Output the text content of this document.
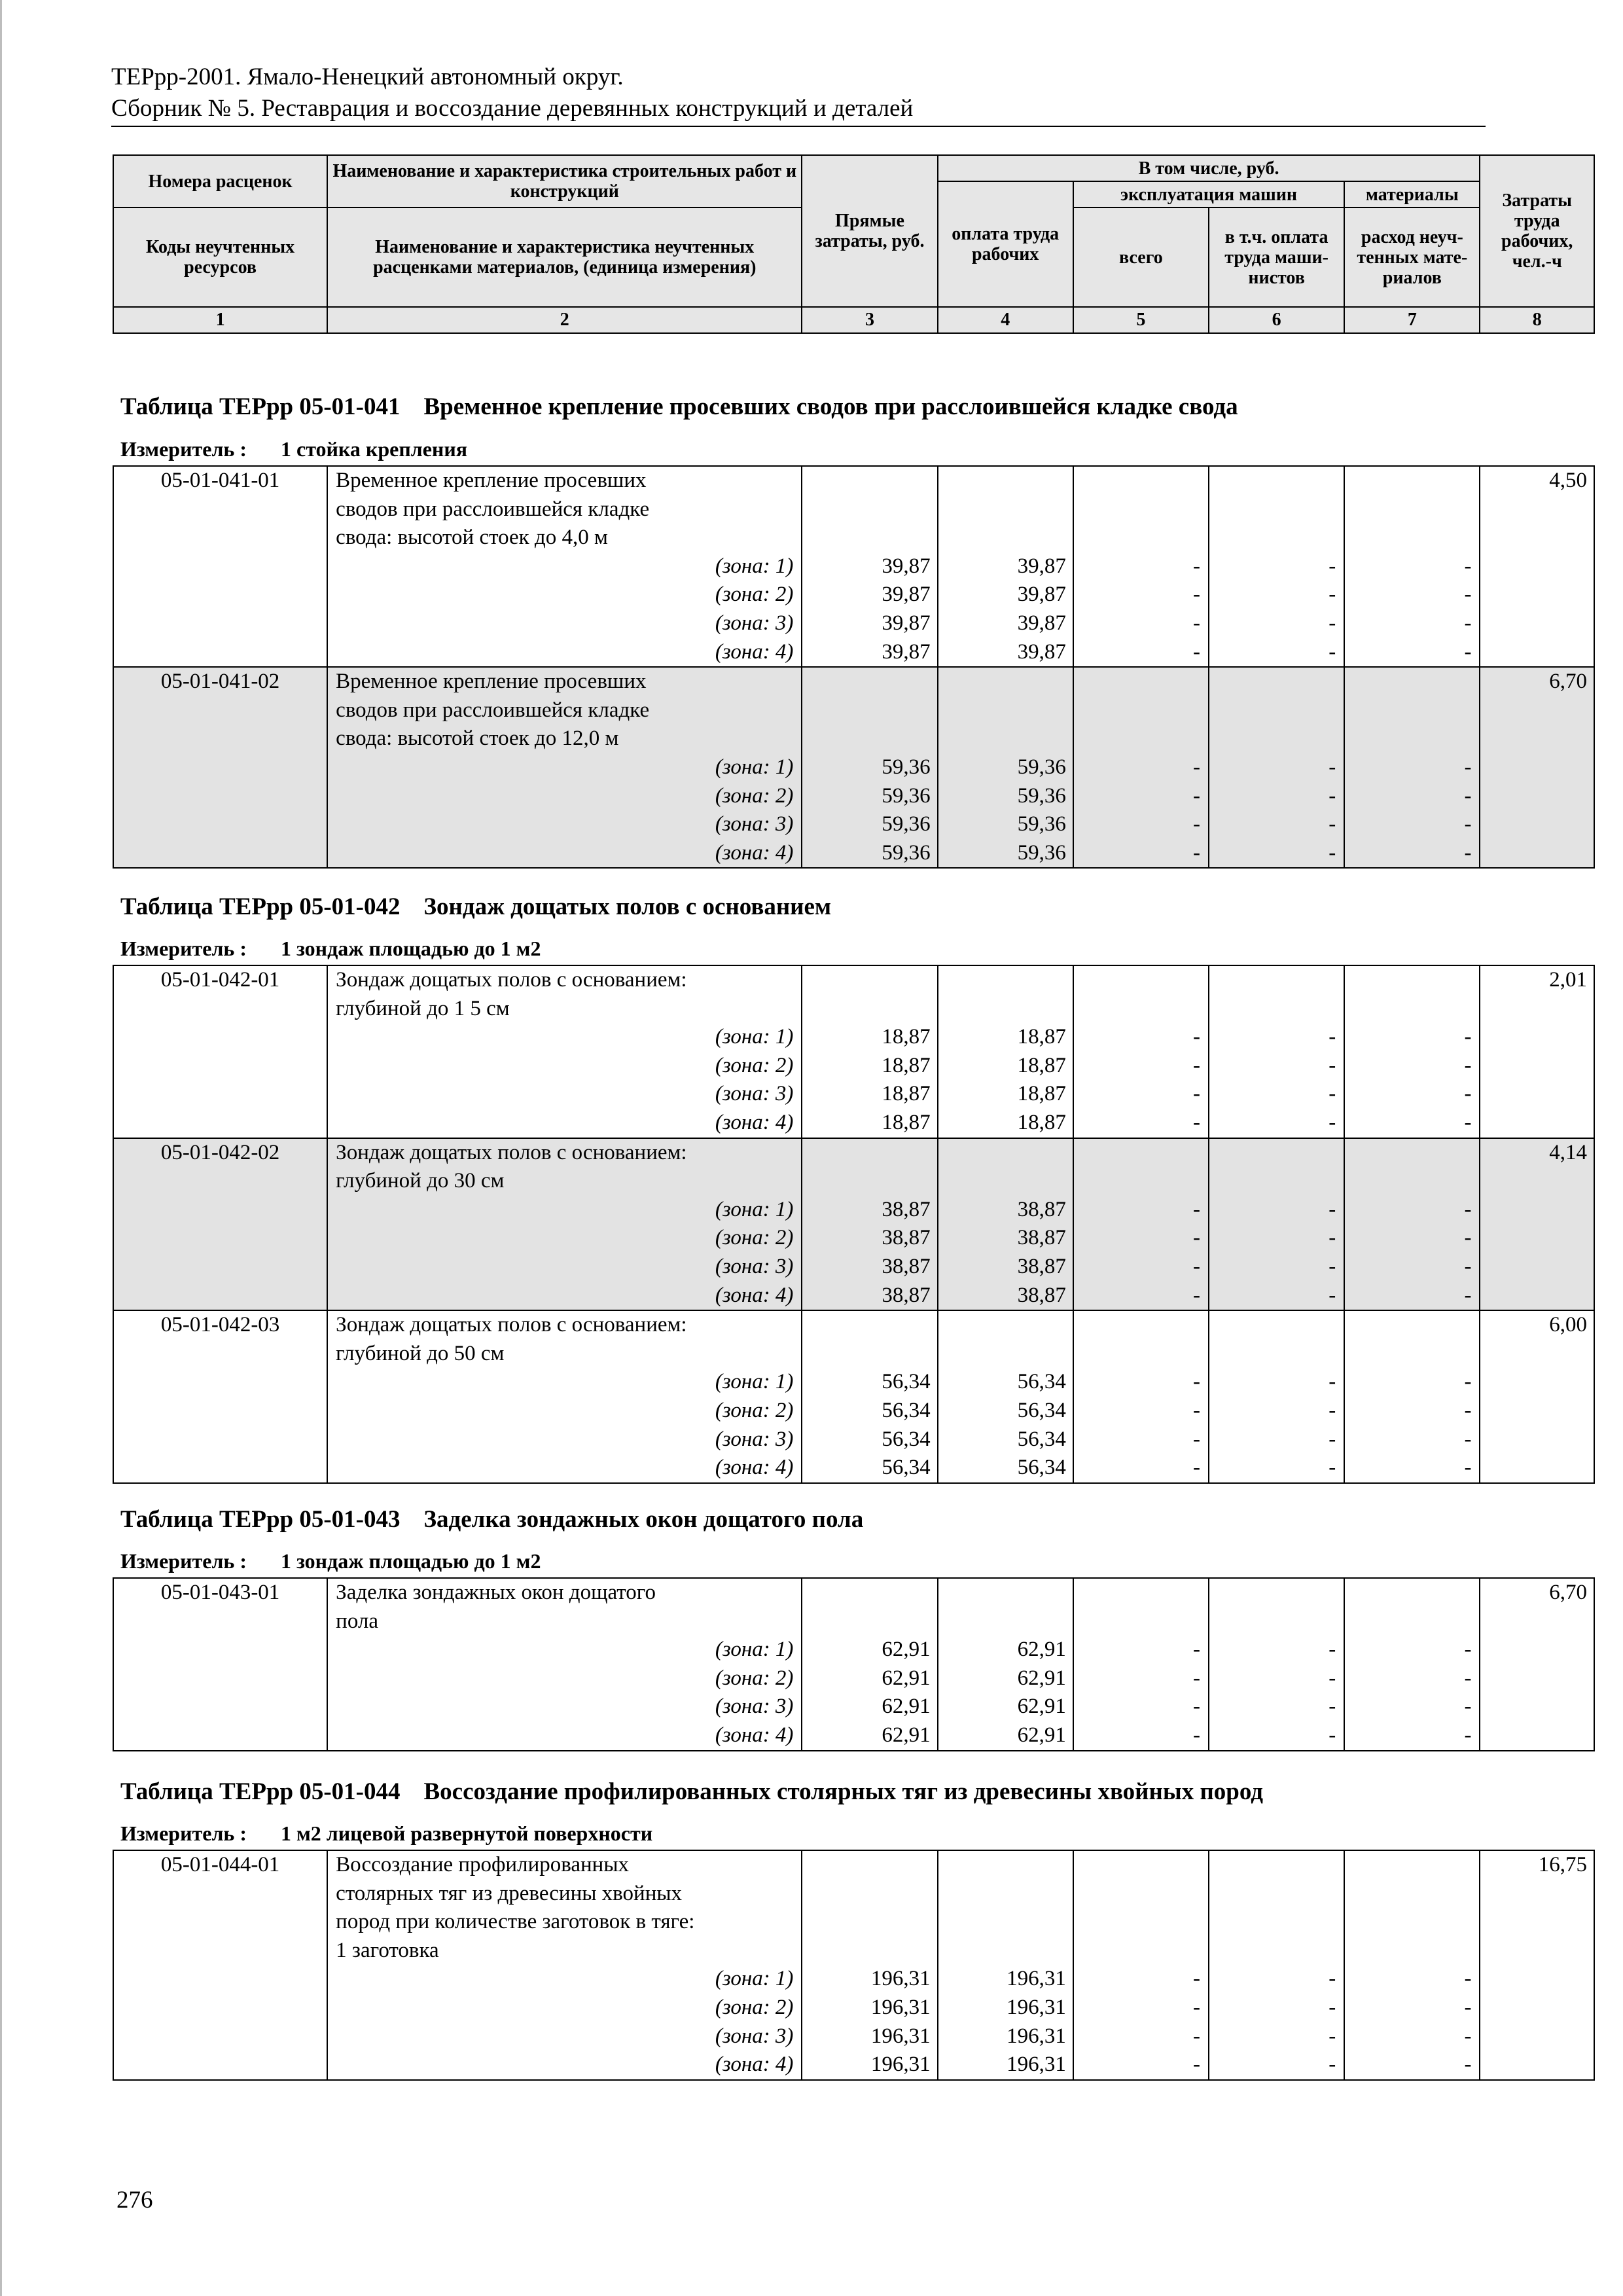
ТЕРрр-2001. Ямало-Ненецкий автономный округ.
Сборник № 5. Реставрация и воссоздание деревянных конструкций и деталей
Номера расценок	Наименование и характеристика строительных работ и конструкций	Прямые затраты, руб.	В том числе, руб.				Затраты труда рабочих, чел.-ч
			оплата труда рабочих	эксплуатация машин		материалы	
Коды неучтенных ресурсов	Наименование и характеристика неучтенных расценками материалов, (единица измерения)			всего	в т.ч. оплата труда маши-нистов	расход неуч-тенных мате-риалов	

1	2	3	4	5	6	7	8
Таблица ТЕРрр 05-01-041 Временное крепление просевших сводов при расслоившейся кладке свода
Измеритель : 1 стойка крепления
05-01-041-01	Временное крепление просевших						4,50
	сводов при расслоившейся кладке						
	свода: высотой стоек до 4,0 м						
	(зона: 1)	39,87	39,87	-	-	-	
	(зона: 2)	39,87	39,87	-	-	-	
	(зона: 3)	39,87	39,87	-	-	-	
	(зона: 4)	39,87	39,87	-	-	-	
05-01-041-02	Временное крепление просевших						6,70
	сводов при расслоившейся кладке						
	свода: высотой стоек до 12,0 м						
	(зона: 1)	59,36	59,36	-	-	-	
	(зона: 2)	59,36	59,36	-	-	-	
	(зона: 3)	59,36	59,36	-	-	-	
	(зона: 4)	59,36	59,36	-	-	-	
Таблица ТЕРрр 05-01-042 Зондаж дощатых полов с основанием
Измеритель : 1 зондаж площадью до 1 м2
05-01-042-01	Зондаж дощатых полов с основанием:						2,01
	глубиной до 1 5 см						
	(зона: 1)	18,87	18,87	-	-	-	
	(зона: 2)	18,87	18,87	-	-	-	
	(зона: 3)	18,87	18,87	-	-	-	
	(зона: 4)	18,87	18,87	-	-	-	
05-01-042-02	Зондаж дощатых полов с основанием:						4,14
	глубиной до 30 см						
	(зона: 1)	38,87	38,87	-	-	-	
	(зона: 2)	38,87	38,87	-	-	-	
	(зона: 3)	38,87	38,87	-	-	-	
	(зона: 4)	38,87	38,87	-	-	-	
05-01-042-03	Зондаж дощатых полов с основанием:						6,00
	глубиной до 50 см						
	(зона: 1)	56,34	56,34	-	-	-	
	(зона: 2)	56,34	56,34	-	-	-	
	(зона: 3)	56,34	56,34	-	-	-	
	(зона: 4)	56,34	56,34	-	-	-	
Таблица ТЕРрр 05-01-043 Заделка зондажных окон дощатого пола
Измеритель : 1 зондаж площадью до 1 м2
05-01-043-01	Заделка зондажных окон дощатого						6,70
	пола						
	(зона: 1)	62,91	62,91	-	-	-	
	(зона: 2)	62,91	62,91	-	-	-	
	(зона: 3)	62,91	62,91	-	-	-	
	(зона: 4)	62,91	62,91	-	-	-	
Таблица ТЕРрр 05-01-044 Воссоздание профилированных столярных тяг из древесины хвойных пород
Измеритель : 1 м2 лицевой развернутой поверхности
05-01-044-01	Воссоздание профилированных						16,75
	столярных тяг из древесины хвойных						
	пород при количестве заготовок в тяге:						
	1 заготовка						
	(зона: 1)	196,31	196,31	-	-	-	
	(зона: 2)	196,31	196,31	-	-	-	
	(зона: 3)	196,31	196,31	-	-	-	
	(зона: 4)	196,31	196,31	-	-	-	
276
